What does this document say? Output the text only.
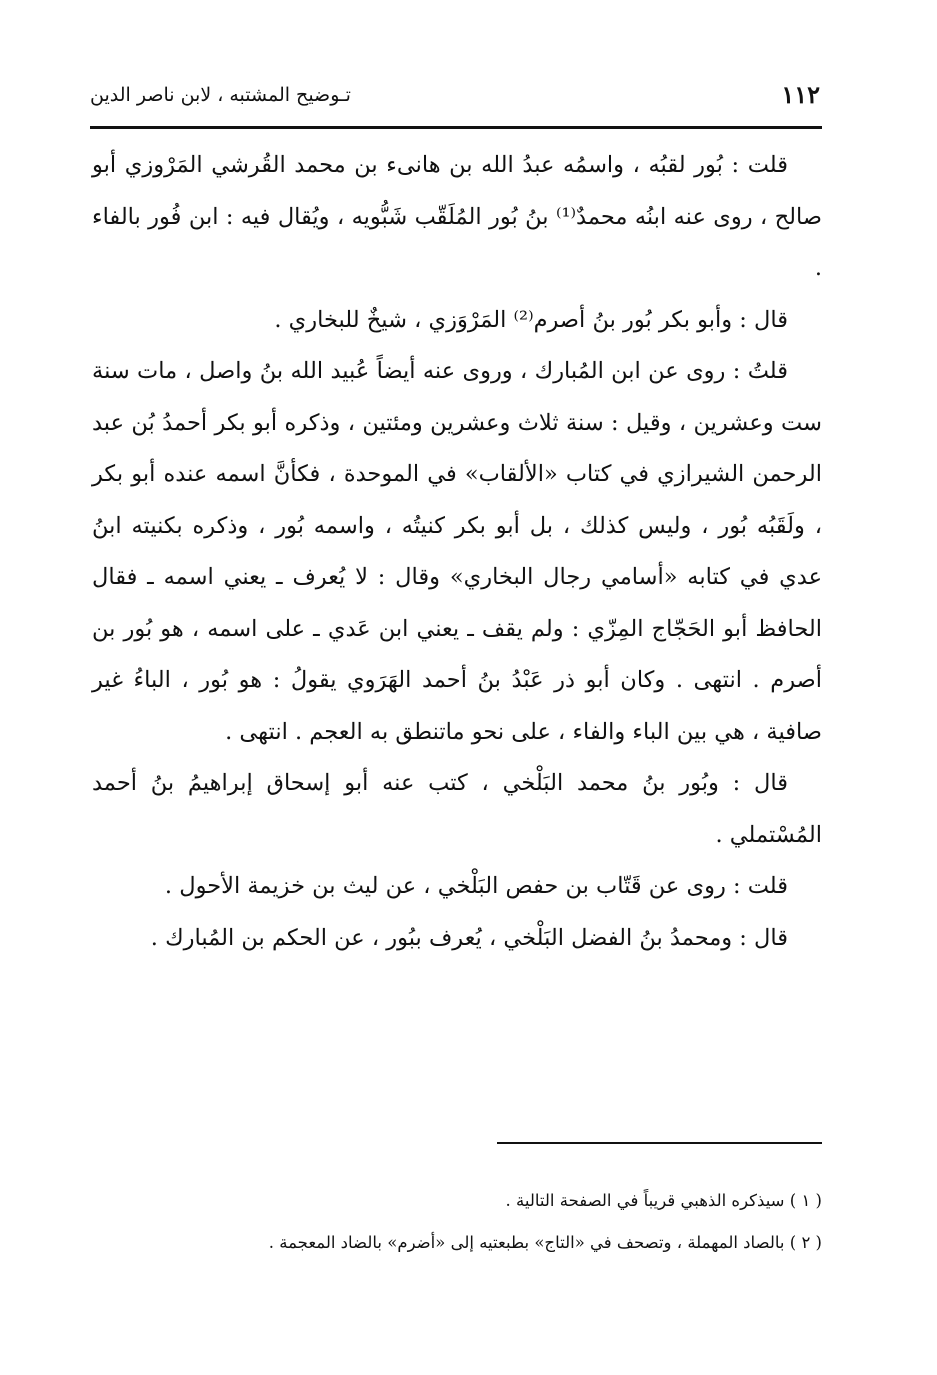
١١٢
تـوضيح المشتبه ، لابن ناصر الدين

قلت : بُور لقبُه ، واسمُه عبدُ الله بن هانىء بن محمد القُرشي المَرْوزي أبو صالح ، روى عنه ابنُه محمدٌ⁽¹⁾ بنُ بُور المُلَقّب شَبُّويه ، ويُقال فيه : ابن فُور بالفاء .

قال : وأبو بكر بُور بنُ أصرم⁽²⁾ المَرْوَزي ، شيخٌ للبخاري .

قلتُ : روى عن ابن المُبارك ، وروى عنه أيضاً عُبيد الله بنُ واصل ، مات سنة ست وعشرين ، وقيل : سنة ثلاث وعشرين ومئتين ، وذكره أبو بكر أحمدُ بُن عبد الرحمن الشيرازي في كتاب «الألقاب» في الموحدة ، فكأنَّ اسمه عنده أبو بكر ، ولَقَبُه بُور ، وليس كذلك ، بل أبو بكر كنيتُه ، واسمه بُور ، وذكره بكنيته ابنُ عدي في كتابه «أسامي رجال البخاري» وقال : لا يُعرف ـ يعني اسمه ـ فقال الحافظ أبو الحَجّاج المِزّي : ولم يقف ـ يعني ابن عَدي ـ على اسمه ، هو بُور بن أصرم . انتهى . وكان أبو ذر عَبْدُ بنُ أحمد الهَرَوي يقولُ : هو بُور ، الباءُ غير صافية ، هي بين الباء والفاء ، على نحو ماتنطق به العجم . انتهى .

قال : وبُور بنُ محمد البَلْخي ، كتب عنه أبو إسحاق إبراهيمُ بنُ أحمد المُسْتملي .

قلت : روى عن قَتّاب بن حفص البَلْخي ، عن ليث بن خزيمة الأحول .

قال : ومحمدُ بنُ الفضل البَلْخي ، يُعرف ببُور ، عن الحكم بن المُبارك .

( ١ ) سيذكره الذهبي قريباً في الصفحة التالية .

( ٢ ) بالصاد المهملة ، وتصحف في «التاج» بطبعتيه إلى «أضرم» بالضاد المعجمة .
